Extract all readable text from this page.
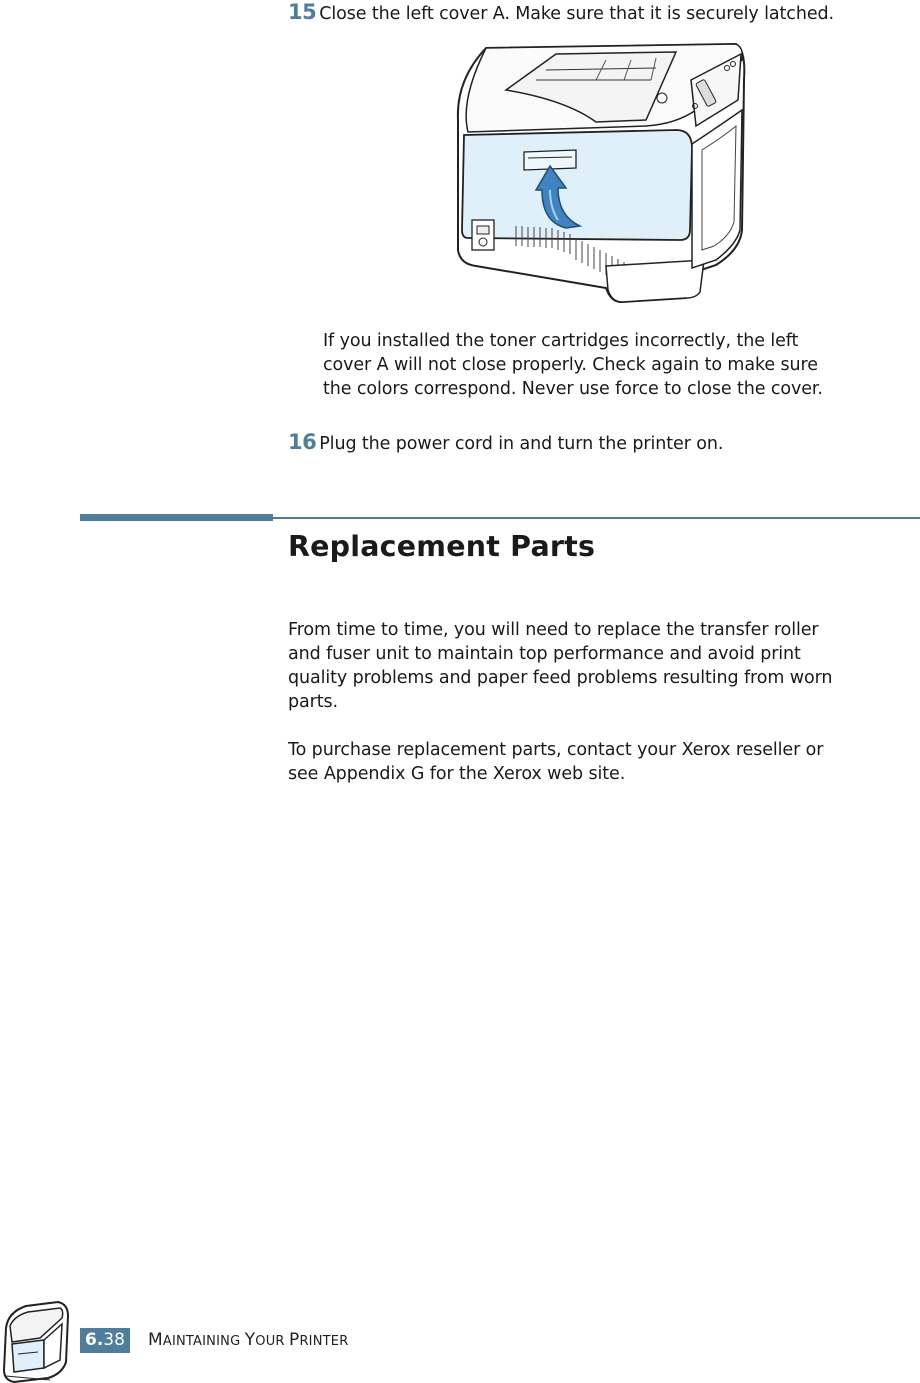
15 Close the left cover A. Make sure that it is securely latched.
If you installed the toner cartridges incorrectly, the left
cover A will not close properly. Check again to make sure
the colors correspond. Never use force to close the cover.
16 Plug the power cord in and turn the printer on.
Replacement Parts
From time to time, you will need to replace the transfer roller
and fuser unit to maintain top performance and avoid print
quality problems and paper feed problems resulting from worn
parts.
To purchase replacement parts, contact your Xerox reseller or
see Appendix G for the Xerox web site.
6.38 MAINTAINING YOUR PRINTER
